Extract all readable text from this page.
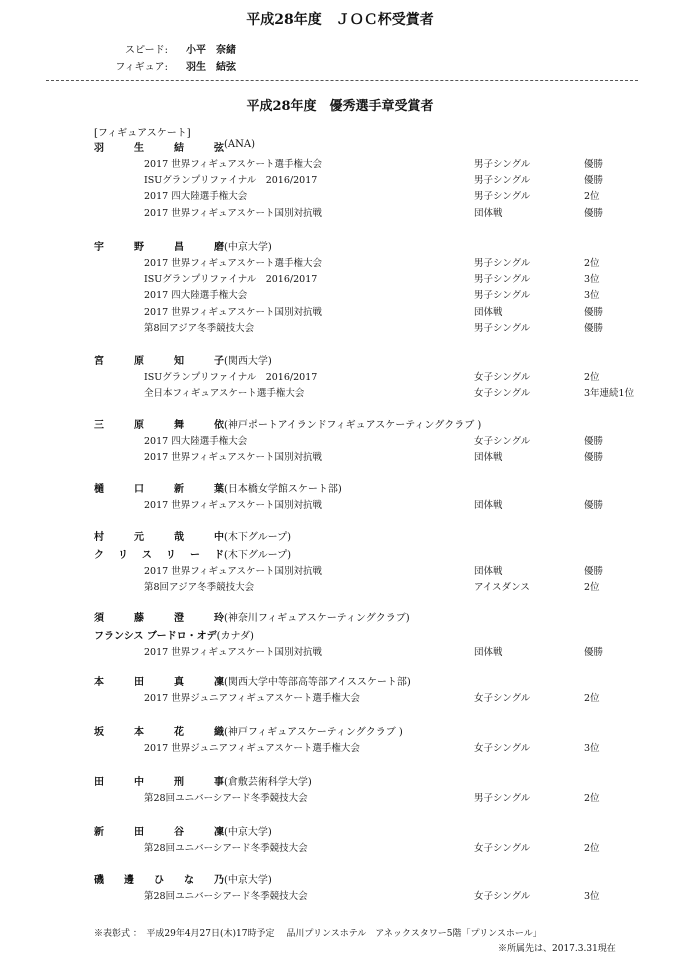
平成28年度　ＪＯＣ杯受賞者
スピード: 小平　奈緒
フィギュア: 羽生　結弦
平成28年度　優秀選手章受賞者
[フィギュアスケート]
羽生結弦(ANA)
2017 世界フィギュアスケート選手権大会	男子シングル	優勝
ISUグランプリファイナル　2016/2017	男子シングル	優勝
2017 四大陸選手権大会	男子シングル	2位
2017 世界フィギュアスケート国別対抗戦	団体戦	優勝
宇野昌磨(中京大学)
2017 世界フィギュアスケート選手権大会	男子シングル	2位
ISUグランプリファイナル　2016/2017	男子シングル	3位
2017 四大陸選手権大会	男子シングル	3位
2017 世界フィギュアスケート国別対抗戦	団体戦	優勝
第8回アジア冬季競技大会	男子シングル	優勝
宮原知子(関西大学)
ISUグランプリファイナル　2016/2017	女子シングル	2位
全日本フィギュアスケート選手権大会	女子シングル	3年連続1位
三原舞依(神戸ポートアイランドフィギュアスケーティングクラブ )
2017 四大陸選手権大会	女子シングル	優勝
2017 世界フィギュアスケート国別対抗戦	団体戦	優勝
樋口新葉(日本橋女学館スケート部)
2017 世界フィギュアスケート国別対抗戦	団体戦	優勝
村元哉中(木下グループ)
クリスリード(木下グループ)
2017 世界フィギュアスケート国別対抗戦	団体戦	優勝
第8回アジア冬季競技大会	アイスダンス	2位
須藤澄玲(神奈川フィギュアスケーティングクラブ)
フランシス ブードロ・オデ(カナダ)
2017 世界フィギュアスケート国別対抗戦	団体戦	優勝
本田真凜(関西大学中等部高等部アイススケート部)
2017 世界ジュニアフィギュアスケート選手権大会	女子シングル	2位
坂本花織(神戸フィギュアスケーティングクラブ )
2017 世界ジュニアフィギュアスケート選手権大会	女子シングル	3位
田中刑事(倉敷芸術科学大学)
第28回ユニバーシアード冬季競技大会	男子シングル	2位
新田谷凜(中京大学)
第28回ユニバーシアード冬季競技大会	女子シングル	2位
磯邊ひな乃(中京大学)
第28回ユニバーシアード冬季競技大会	女子シングル	3位
※表彰式 ：　平成29年4月27日(木)17時予定　 品川プリンスホテル　アネックスタワー5階「プリンスホール」
※所属先は、2017.3.31現在
